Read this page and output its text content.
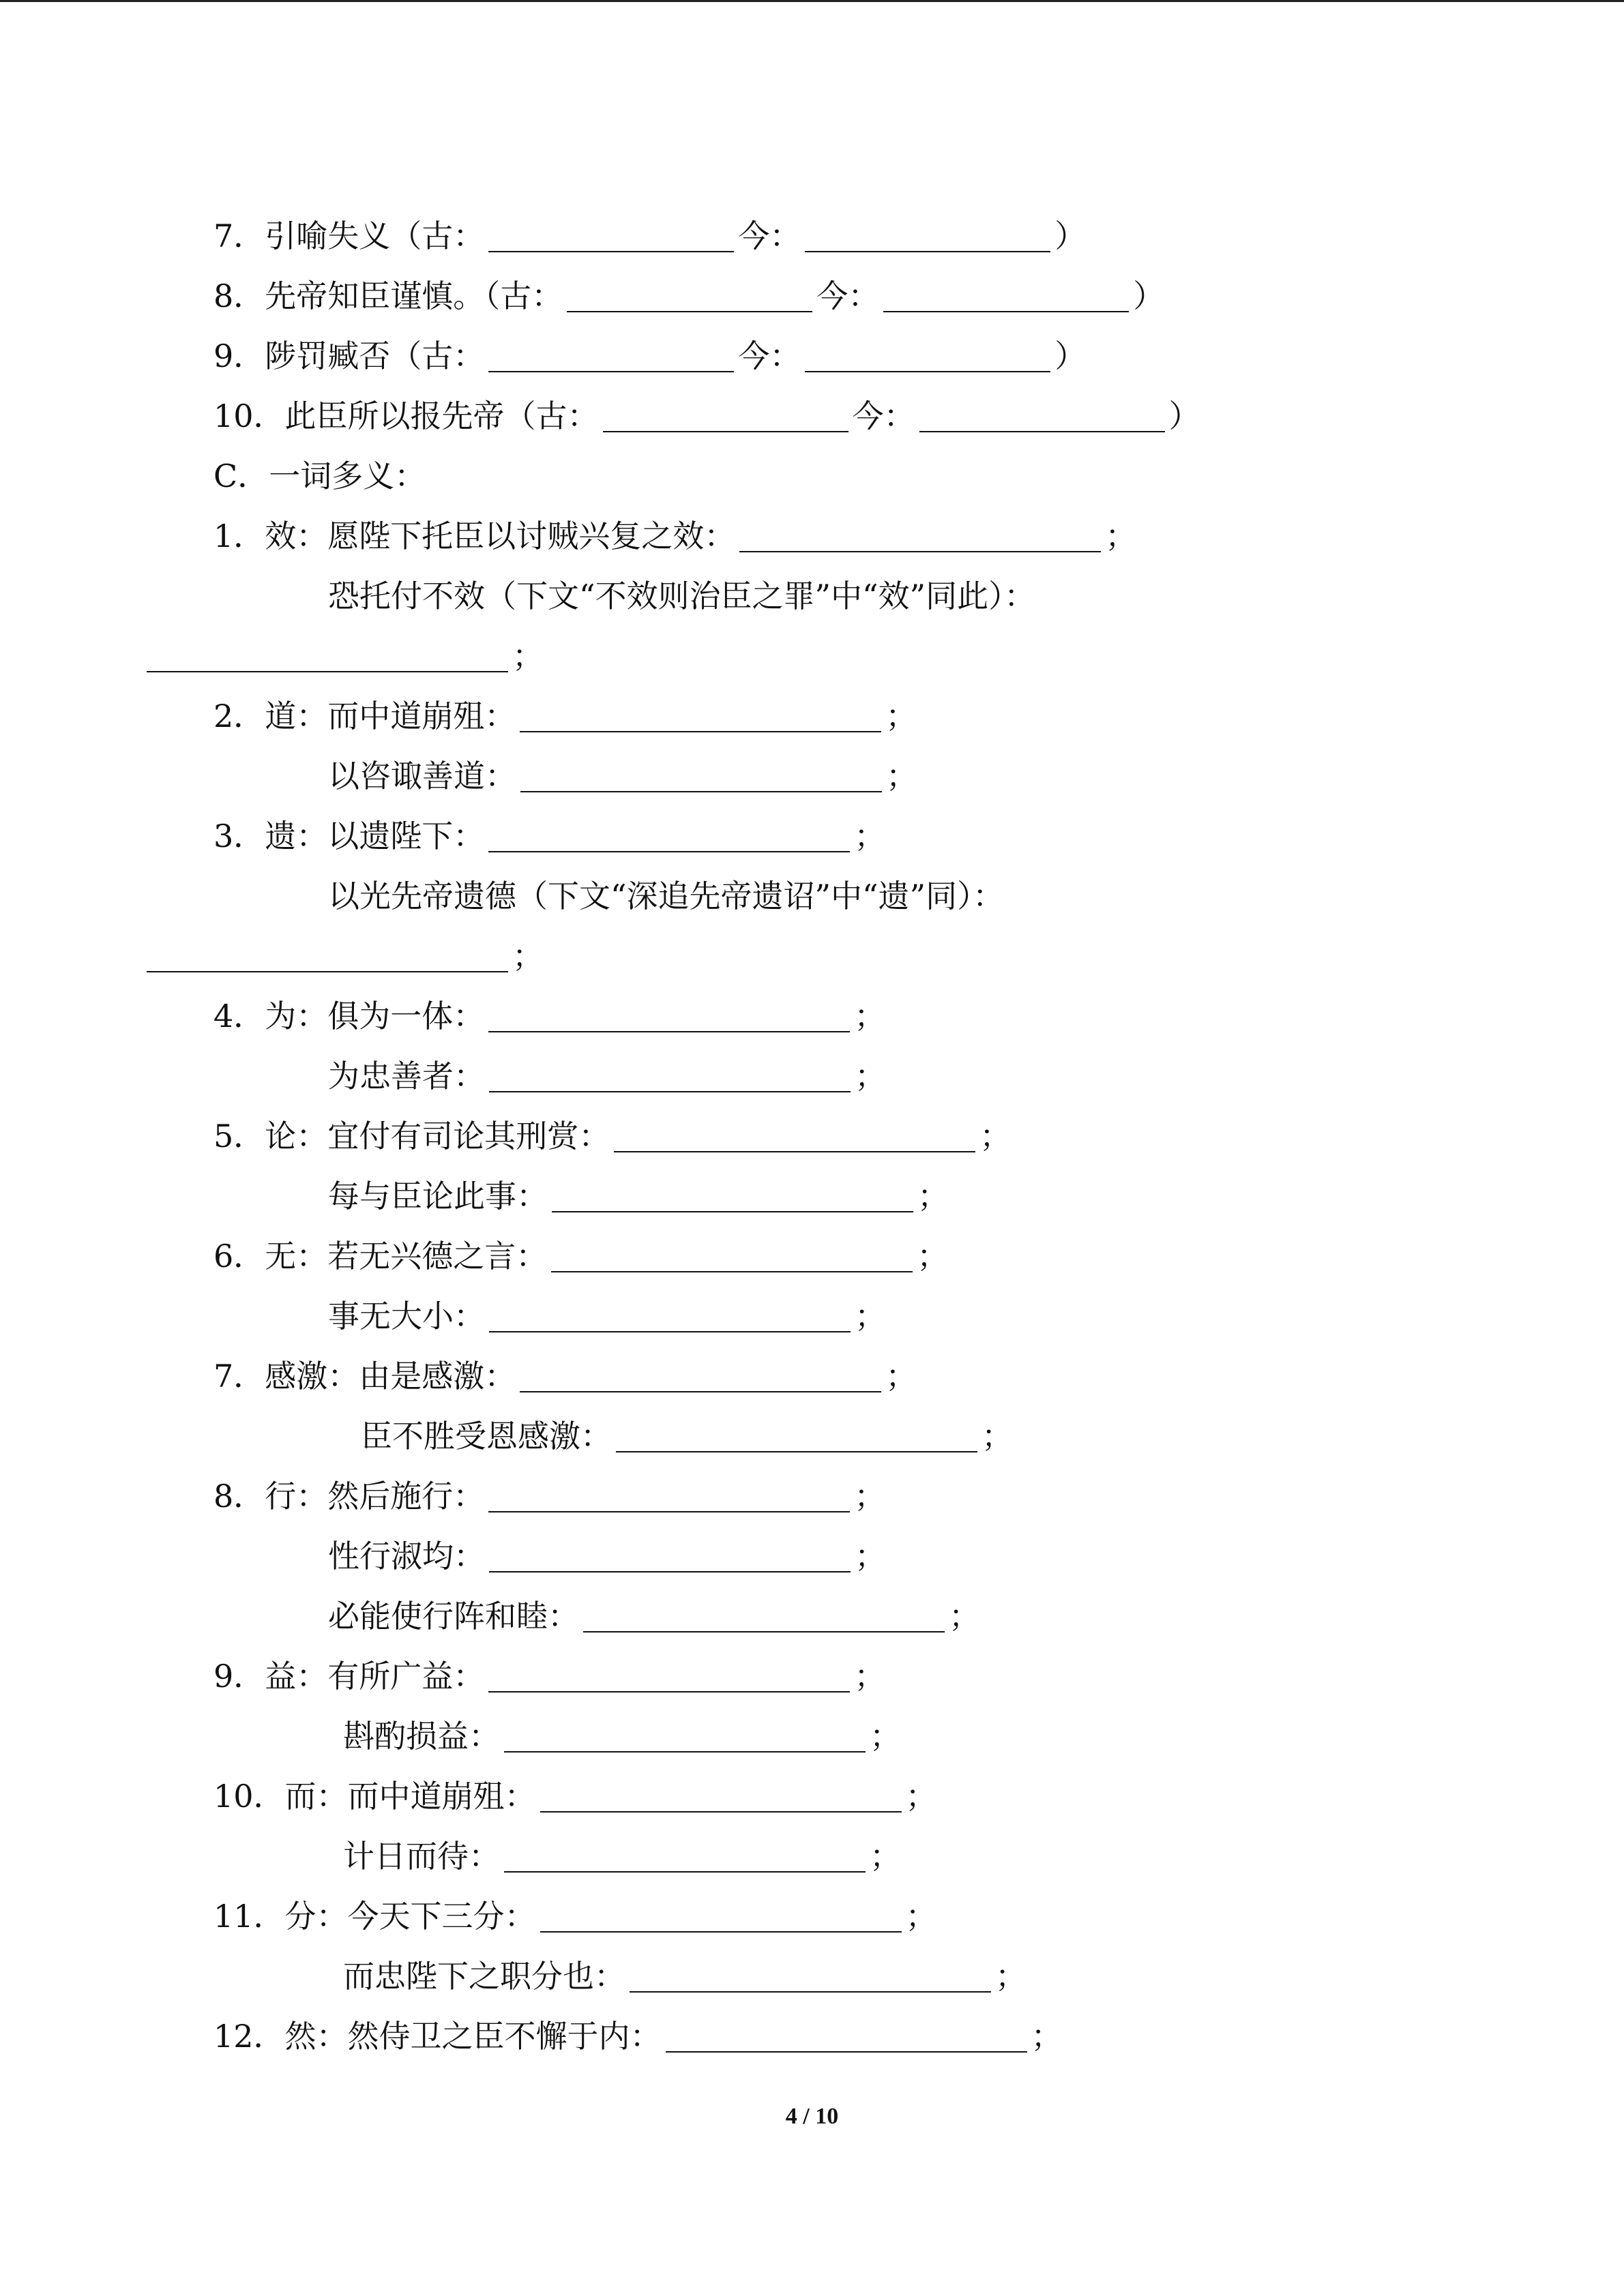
7． 引喻失义（古：	今：	）
8． 先帝知臣谨慎。（古：	今：	）
9． 陟罚臧否（古：	今：	）
10． 此臣所以报先帝（古：	今：	）
C．一词多义：
1．效： 愿陛下托臣以讨贼兴复之效：	；
恐托付不效（下文“不效则治臣之罪”中“效”同此）：
；
2．道： 而中道崩殂：	；
以咨诹善道：	；
3．遗： 以遗陛下：	；
以光先帝遗德（下文“深追先帝遗诏”中“遗”同）：
；
4．为： 俱为一体：	；
为忠善者：	；
5．论： 宜付有司论其刑赏：	；
每与臣论此事：	；
6．无： 若无兴德之言：	；
事无大小：	；
7．感激： 由是感激：	；
臣不胜受恩感激：	；
8．行： 然后施行：	；
性行淑均：	；
必能使行阵和睦：	；
9．益： 有所广益：	；
斟酌损益：	；
10．而： 而中道崩殂：	；
计日而待：	；
11．分： 今天下三分：	；
而忠陛下之职分也：	；
12．然： 然侍卫之臣不懈于内：	；
4 / 10
